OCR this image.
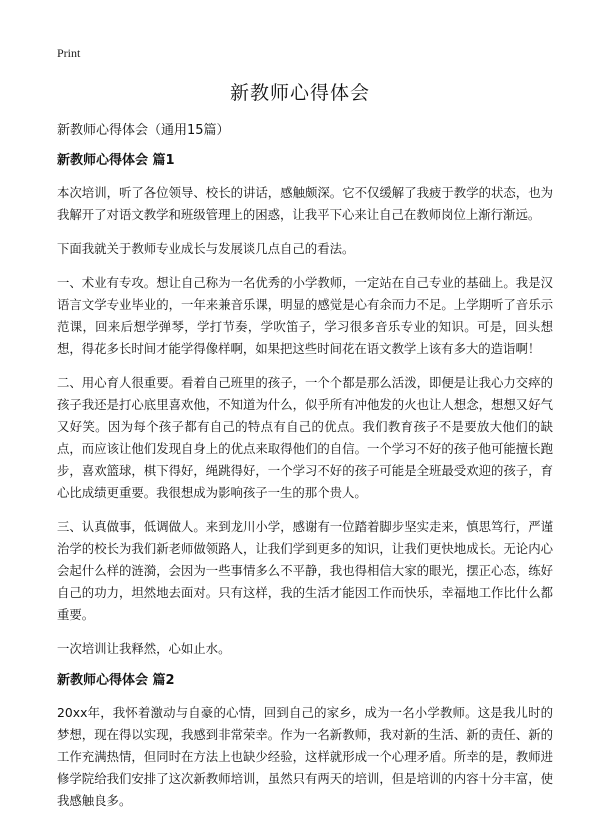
Print
新教师心得体会

新教师心得体会（通用15篇）

新教师心得体会 篇1

本次培训，听了各位领导、校长的讲话，感触颇深。它不仅缓解了我疲于教学的状态，也为我解开了对语文教学和班级管理上的困惑，让我平下心来让自己在教师岗位上渐行渐远。

下面我就关于教师专业成长与发展谈几点自己的看法。

一、术业有专攻。想让自己称为一名优秀的小学教师，一定站在自己专业的基础上。我是汉语言文学专业毕业的，一年来兼音乐课，明显的感觉是心有余而力不足。上学期听了音乐示范课，回来后想学弹琴，学打节奏，学吹笛子，学习很多音乐专业的知识。可是，回头想想，得花多长时间才能学得像样啊，如果把这些时间花在语文教学上该有多大的造诣啊！

二、用心育人很重要。看着自己班里的孩子，一个个都是那么活泼，即便是让我心力交瘁的孩子我还是打心底里喜欢他，不知道为什么，似乎所有冲他发的火也让人想念，想想又好气又好笑。因为每个孩子都有自己的特点有自己的优点。我们教育孩子不是要放大他们的缺点，而应该让他们发现自身上的优点来取得他们的自信。一个学习不好的孩子他可能擅长跑步，喜欢篮球，棋下得好，绳跳得好，一个学习不好的孩子可能是全班最受欢迎的孩子，育心比成绩更重要。我很想成为影响孩子一生的那个贵人。

三、认真做事，低调做人。来到龙川小学，感谢有一位踏着脚步坚实走来，慎思笃行，严谨治学的校长为我们新老师做领路人，让我们学到更多的知识，让我们更快地成长。无论内心会起什么样的涟漪，会因为一些事情多么不平静，我也得相信大家的眼光，摆正心态，练好自己的功力，坦然地去面对。只有这样，我的生活才能因工作而快乐，幸福地工作比什么都重要。

一次培训让我释然，心如止水。

新教师心得体会 篇2

20xx年，我怀着激动与自豪的心情，回到自己的家乡，成为一名小学教师。这是我儿时的梦想，现在得以实现，我感到非常荣幸。作为一名新教师，我对新的生活、新的责任、新的工作充满热情，但同时在方法上也缺少经验，这样就形成一个心理矛盾。所幸的是，教师进修学院给我们安排了这次新教师培训，虽然只有两天的培训，但是培训的内容十分丰富，使我感触良多。
